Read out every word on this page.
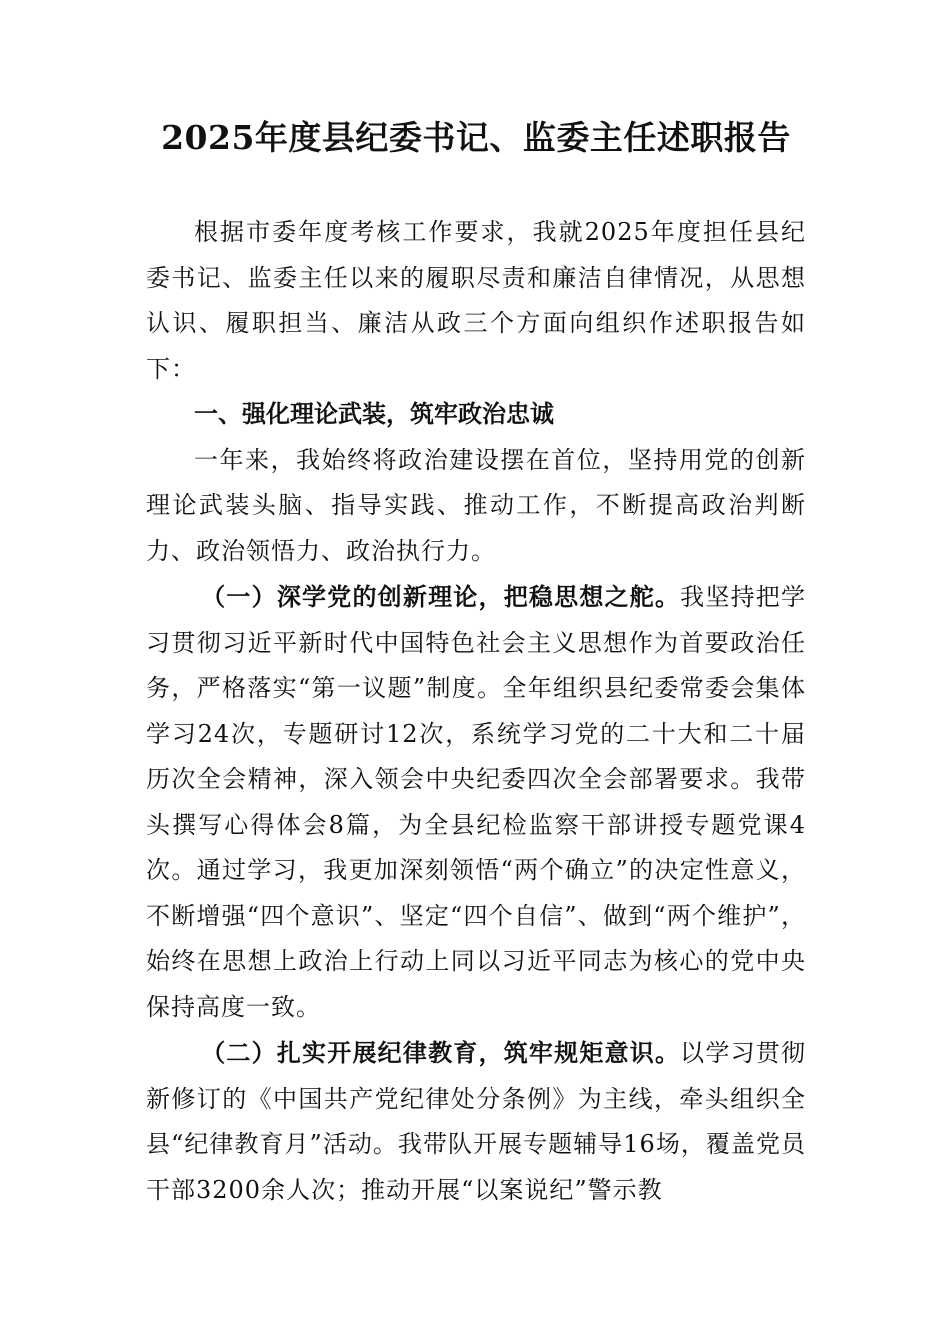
2025年度县纪委书记、监委主任述职报告

根据市委年度考核工作要求，我就2025年度担任县纪委书记、监委主任以来的履职尽责和廉洁自律情况，从思想认识、履职担当、廉洁从政三个方面向组织作述职报告如下：

一、强化理论武装，筑牢政治忠诚

一年来，我始终将政治建设摆在首位，坚持用党的创新理论武装头脑、指导实践、推动工作，不断提高政治判断力、政治领悟力、政治执行力。

（一）深学党的创新理论，把稳思想之舵。我坚持把学习贯彻习近平新时代中国特色社会主义思想作为首要政治任务，严格落实“第一议题”制度。全年组织县纪委常委会集体学习24次，专题研讨12次，系统学习党的二十大和二十届历次全会精神，深入领会中央纪委四次全会部署要求。我带头撰写心得体会8篇，为全县纪检监察干部讲授专题党课4次。通过学习，我更加深刻领悟“两个确立”的决定性意义，不断增强“四个意识”、坚定“四个自信”、做到“两个维护”，始终在思想上政治上行动上同以习近平同志为核心的党中央保持高度一致。

（二）扎实开展纪律教育，筑牢规矩意识。以学习贯彻新修订的《中国共产党纪律处分条例》为主线，牵头组织全县“纪律教育月”活动。我带队开展专题辅导16场，覆盖党员干部3200余人次；推动开展“以案说纪”警示教
